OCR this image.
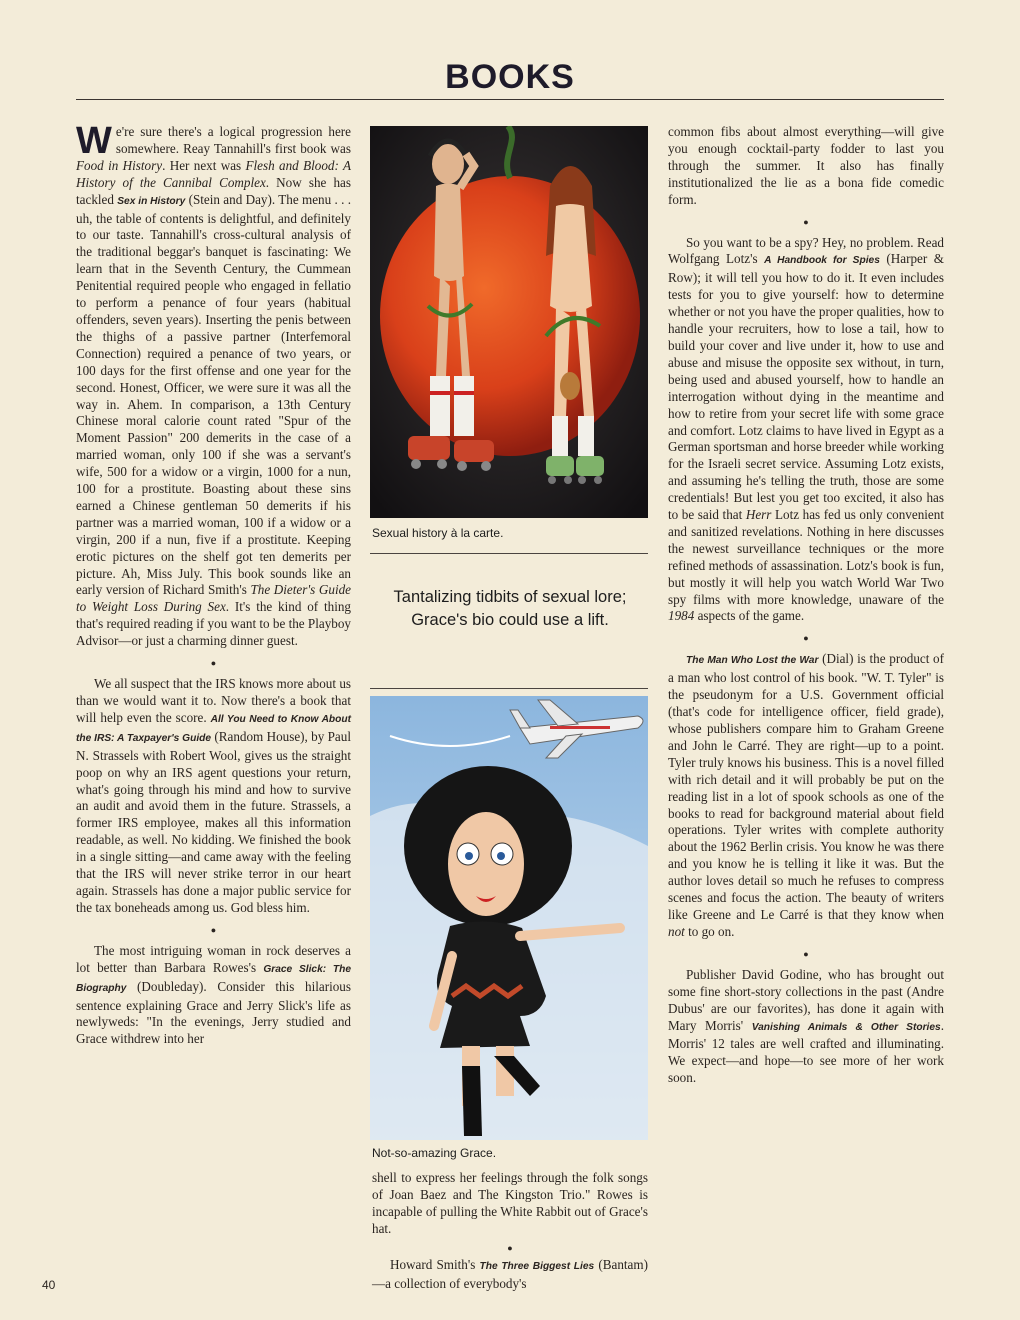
BOOKS

We're sure there's a logical progression here somewhere. Reay Tannahill's first book was Food in History. Her next was Flesh and Blood: A History of the Cannibal Complex. Now she has tackled Sex in History (Stein and Day). The menu . . . uh, the table of contents is delightful, and definitely to our taste. Tannahill's cross-cultural analysis of the traditional beggar's banquet is fascinating: We learn that in the Seventh Century, the Cummean Penitential required people who engaged in fellatio to perform a penance of four years (habitual offenders, seven years). Inserting the penis between the thighs of a passive partner (Interfemoral Connection) required a penance of two years, or 100 days for the first offense and one year for the second. Honest, Officer, we were sure it was all the way in. Ahem. In comparison, a 13th Century Chinese moral calorie count rated "Spur of the Moment Passion" 200 demerits in the case of a married woman, only 100 if she was a servant's wife, 500 for a widow or a virgin, 1000 for a nun, 100 for a prostitute. Boasting about these sins earned a Chinese gentleman 50 demerits if his partner was a married woman, 100 if a widow or a virgin, 200 if a nun, five if a prostitute. Keeping erotic pictures on the shelf got ten demerits per picture. Ah, Miss July. This book sounds like an early version of Richard Smith's The Dieter's Guide to Weight Loss During Sex. It's the kind of thing that's required reading if you want to be the Playboy Advisor—or just a charming dinner guest.

●

We all suspect that the IRS knows more about us than we would want it to. Now there's a book that will help even the score. All You Need to Know About the IRS: A Taxpayer's Guide (Random House), by Paul N. Strassels with Robert Wool, gives us the straight poop on why an IRS agent questions your return, what's going through his mind and how to survive an audit and avoid them in the future. Strassels, a former IRS employee, makes all this information readable, as well. No kidding. We finished the book in a single sitting—and came away with the feeling that the IRS will never strike terror in our heart again. Strassels has done a major public service for the tax boneheads among us. God bless him.

●

The most intriguing woman in rock deserves a lot better than Barbara Rowes's Grace Slick: The Biography (Doubleday). Consider this hilarious sentence explaining Grace and Jerry Slick's life as newlyweds: "In the evenings, Jerry studied and Grace withdrew into her

Sexual history à la carte.
Tantalizing tidbits of sexual lore; Grace's bio could use a lift.
Not-so-amazing Grace.

shell to express her feelings through the folk songs of Joan Baez and The Kingston Trio." Rowes is incapable of pulling the White Rabbit out of Grace's hat.

●

Howard Smith's The Three Biggest Lies (Bantam)—a collection of everybody's

common fibs about almost everything—will give you enough cocktail-party fodder to last you through the summer. It also has finally institutionalized the lie as a bona fide comedic form.

●

So you want to be a spy? Hey, no problem. Read Wolfgang Lotz's A Handbook for Spies (Harper & Row); it will tell you how to do it. It even includes tests for you to give yourself: how to determine whether or not you have the proper qualities, how to handle your recruiters, how to lose a tail, how to build your cover and live under it, how to use and abuse and misuse the opposite sex without, in turn, being used and abused yourself, how to handle an interrogation without dying in the meantime and how to retire from your secret life with some grace and comfort. Lotz claims to have lived in Egypt as a German sportsman and horse breeder while working for the Israeli secret service. Assuming Lotz exists, and assuming he's telling the truth, those are some credentials! But lest you get too excited, it also has to be said that Herr Lotz has fed us only convenient and sanitized revelations. Nothing in here discusses the newest surveillance techniques or the more refined methods of assassination. Lotz's book is fun, but mostly it will help you watch World War Two spy films with more knowledge, unaware of the 1984 aspects of the game.

●

The Man Who Lost the War (Dial) is the product of a man who lost control of his book. "W. T. Tyler" is the pseudonym for a U.S. Government official (that's code for intelligence officer, field grade), whose publishers compare him to Graham Greene and John le Carré. They are right—up to a point. Tyler truly knows his business. This is a novel filled with rich detail and it will probably be put on the reading list in a lot of spook schools as one of the books to read for background material about field operations. Tyler writes with complete authority about the 1962 Berlin crisis. You know he was there and you know he is telling it like it was. But the author loves detail so much he refuses to compress scenes and focus the action. The beauty of writers like Greene and Le Carré is that they know when not to go on.

●

Publisher David Godine, who has brought out some fine short-story collections in the past (Andre Dubus' are our favorites), has done it again with Mary Morris' Vanishing Animals & Other Stories. Morris' 12 tales are well crafted and illuminating. We expect—and hope—to see more of her work soon.

40
